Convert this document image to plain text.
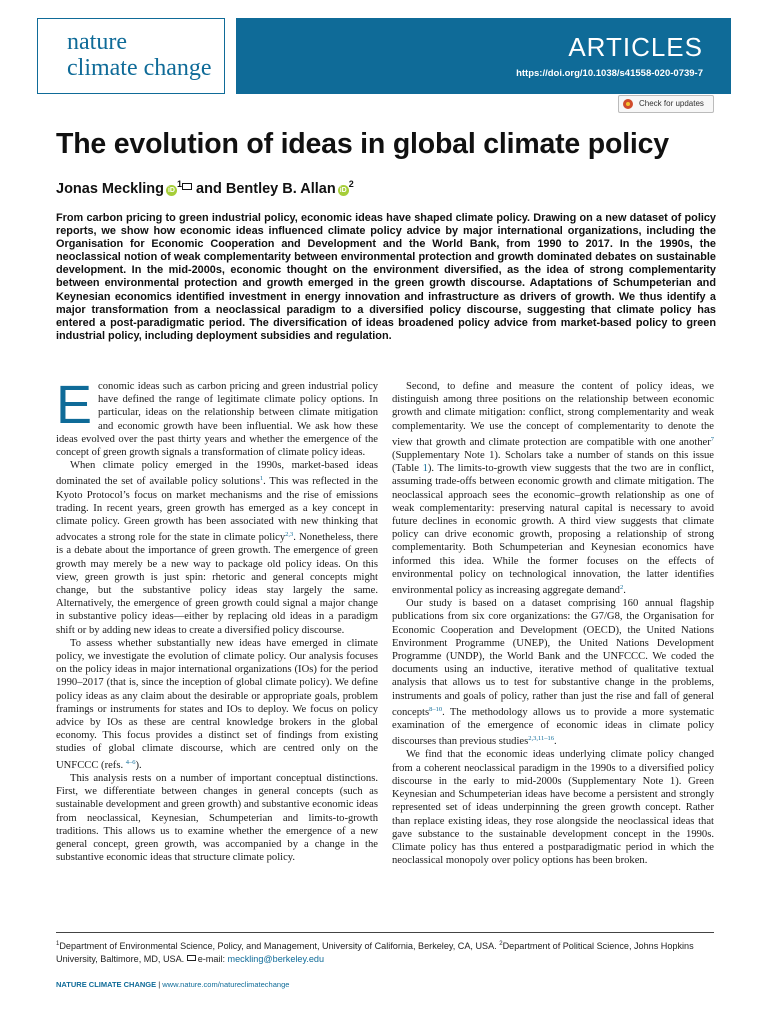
nature
climate change
ARTICLES
https://doi.org/10.1038/s41558-020-0739-7
Check for updates
The evolution of ideas in global climate policy
Jonas Meckling $iD^1$ and Bentley B. Allan $iD^2$

From carbon pricing to green industrial policy, economic ideas have shaped climate policy. Drawing on a new dataset of policy reports, we show how economic ideas influenced climate policy advice by major international organizations, including the Organisation for Economic Cooperation and Development and the World Bank, from 1990 to 2017. In the 1990s, the neoclassical notion of weak complementarity between environmental protection and growth dominated debates on sustainable development. In the mid-2000s, economic thought on the environment diversified, as the idea of strong complementarity between environmental protection and growth emerged in the green growth discourse. Adaptations of Schumpeterian and Keynesian economics identified investment in energy innovation and infrastructure as drivers of growth. We thus identify a major transformation from a neoclassical paradigm to a diversified policy discourse, suggesting that climate policy has entered a post-paradigmatic period. The diversification of ideas broadened policy advice from market-based policy to green industrial policy, including deployment subsidies and regulation.

Economic ideas such as carbon pricing and green industrial policy have defined the range of legitimate climate policy options. In particular, ideas on the relationship between climate mitigation and economic growth have been influential. We ask how these ideas evolved over the past thirty years and whether the emergence of the concept of green growth signals a transformation of climate policy ideas.

When climate policy emerged in the 1990s, market-based ideas dominated the set of available policy solutions$^1$. This was reflected in the Kyoto Protocol’s focus on market mechanisms and the rise of emissions trading. In recent years, green growth has emerged as a key concept in climate policy. Green growth has been associated with new thinking that advocates a strong role for the state in climate policy$^{2,3}$. Nonetheless, there is a debate about the importance of green growth. The emergence of green growth may merely be a new way to package old policy ideas. On this view, green growth is just spin: rhetoric and general concepts might change, but the substantive policy ideas stay largely the same. Alternatively, the emergence of green growth could signal a major change in substantive policy ideas—either by replacing old ideas in a paradigm shift or by adding new ideas to create a diversified policy discourse.

To assess whether substantially new ideas have emerged in climate policy, we investigate the evolution of climate policy. Our analysis focuses on the policy ideas in major international organizations (IOs) for the period 1990–2017 (that is, since the inception of global climate policy). We define policy ideas as any claim about the desirable or appropriate goals, problem framings or instruments for states and IOs to deploy. We focus on policy advice by IOs as these are central knowledge brokers in the global economy. This focus provides a distinct set of findings from existing studies of global climate discourse, which are centred only on the UNFCCC (refs. $^{4-6}$).

This analysis rests on a number of important conceptual distinctions. First, we differentiate between changes in general concepts (such as sustainable development and green growth) and substantive economic ideas from neoclassical, Keynesian, Schumpeterian and limits-to-growth traditions. This allows us to examine whether the emergence of a new general concept, green growth, was accompanied by a change in the substantive economic ideas that structure climate policy.

Second, to define and measure the content of policy ideas, we distinguish among three positions on the relationship between economic growth and climate mitigation: conflict, strong complementarity and weak complementarity. We use the concept of complementarity to denote the view that growth and climate protection are compatible with one another$^7$ (Supplementary Note 1). Scholars take a number of stands on this issue (Table 1). The limits-to-growth view suggests that the two are in conflict, assuming trade-offs between economic growth and climate mitigation. The neoclassical approach sees the economic–growth relationship as one of weak complementarity: preserving natural capital is necessary to avoid future declines in economic growth. A third view suggests that climate policy can drive economic growth, proposing a relationship of strong complementarity. Both Schumpeterian and Keynesian economics have informed this idea. While the former focuses on the effects of environmental policy on technological innovation, the latter identifies environmental policy as increasing aggregate demand$^2$.

Our study is based on a dataset comprising 160 annual flagship publications from six core organizations: the G7/G8, the Organisation for Economic Cooperation and Development (OECD), the United Nations Environment Programme (UNEP), the United Nations Development Programme (UNDP), the World Bank and the UNFCCC. We coded the documents using an inductive, iterative method of qualitative textual analysis that allows us to test for substantive change in the problems, instruments and goals of policy, rather than just the rise and fall of general concepts$^{8-10}$. The methodology allows us to provide a more systematic examination of the emergence of economic ideas in climate policy discourses than previous studies$^{2,3,11-16}$.

We find that the economic ideas underlying climate policy changed from a coherent neoclassical paradigm in the 1990s to a diversified policy discourse in the early to mid-2000s (Supplementary Note 1). Green Keynesian and Schumpeterian ideas have become a persistent and strongly represented set of ideas underpinning the green growth concept. Rather than replace existing ideas, they rose alongside the neoclassical ideas that gave substance to the sustainable development concept in the 1990s. Climate policy has thus entered a postparadigmatic period in which the neoclassical monopoly over policy options has been broken.

$^1$Department of Environmental Science, Policy, and Management, University of California, Berkeley, CA, USA. $^2$Department of Political Science, Johns Hopkins University, Baltimore, MD, USA. e-mail: meckling@berkeley.edu

NATURE CLIMATE CHANGE | www.nature.com/natureclimatechange
